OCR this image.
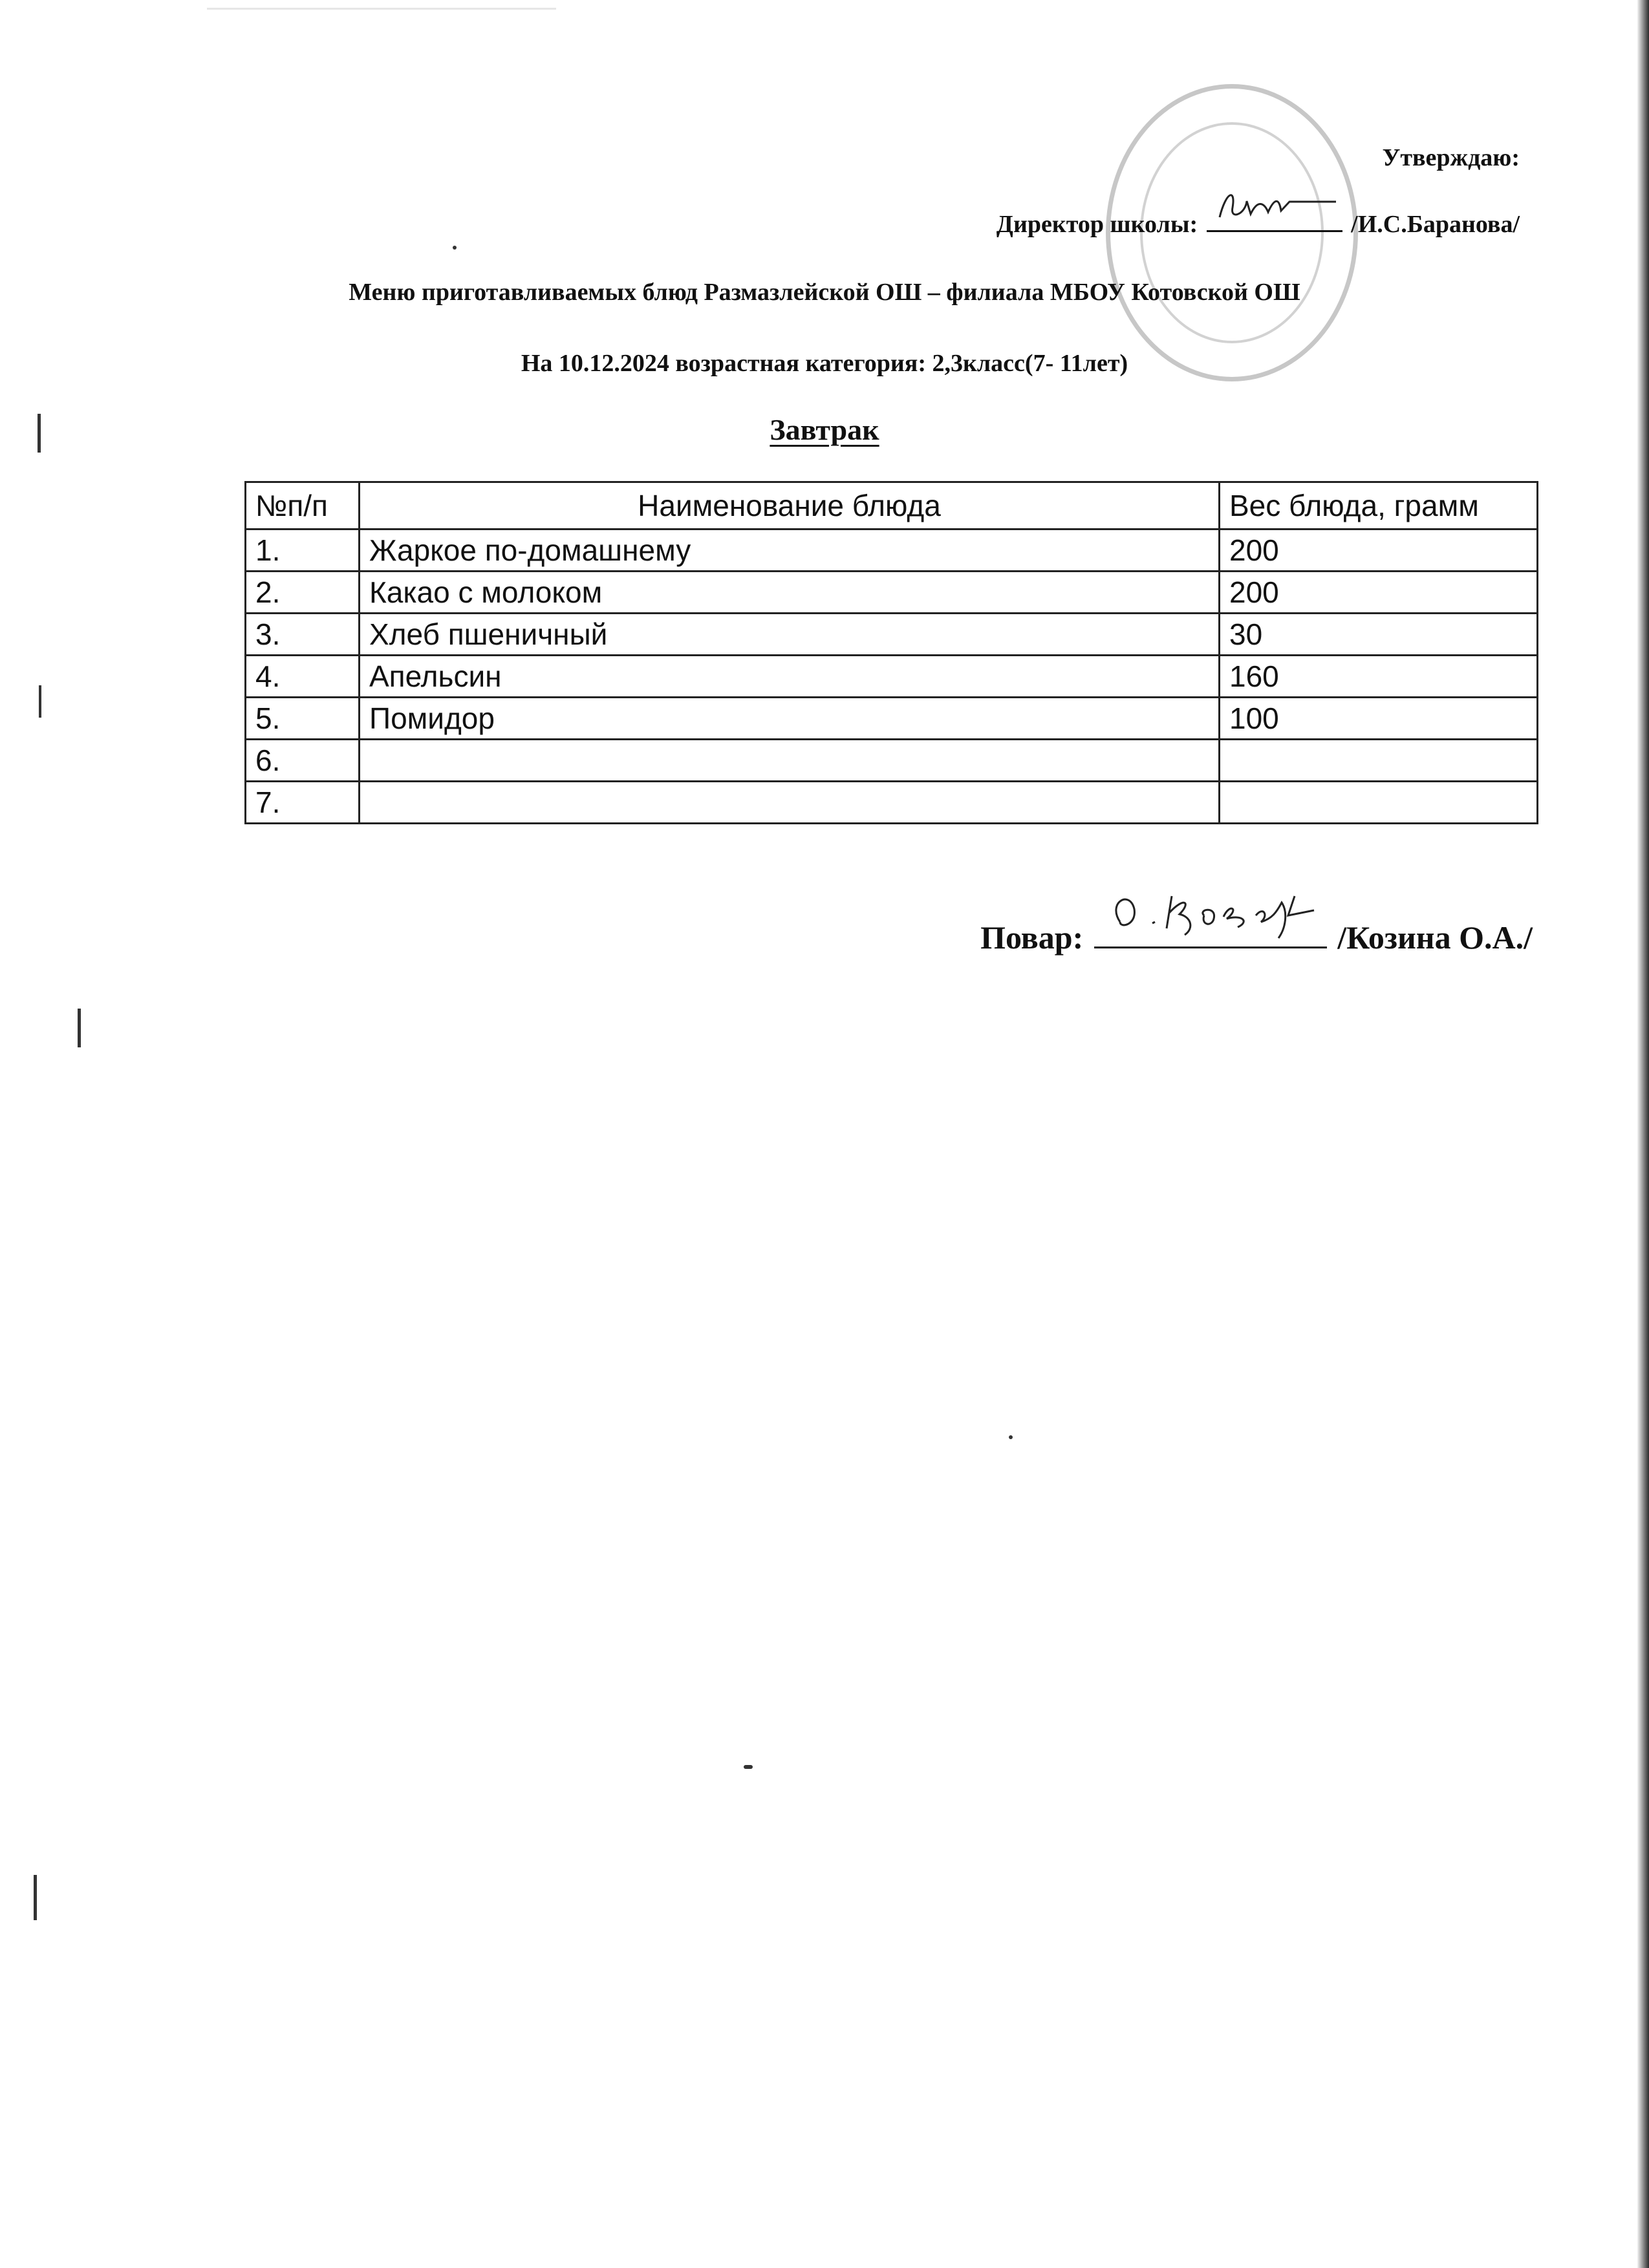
Утверждаю:
Директор школы:	/И.С.Баранова/
Меню приготавливаемых блюд Размазлейской ОШ – филиала МБОУ Котовской ОШ
На 10.12.2024 возрастная категория: 2,3класс(7- 11лет)
Завтрак
№п/п	Наименование блюда	Вес блюда, грамм
1.	Жаркое по-домашнему	200
2.	Какао с молоком	200
3.	Хлеб пшеничный	30
4.	Апельсин	160
5.	Помидор	100
6.		
7.		
Повар:	/Козина О.А./
